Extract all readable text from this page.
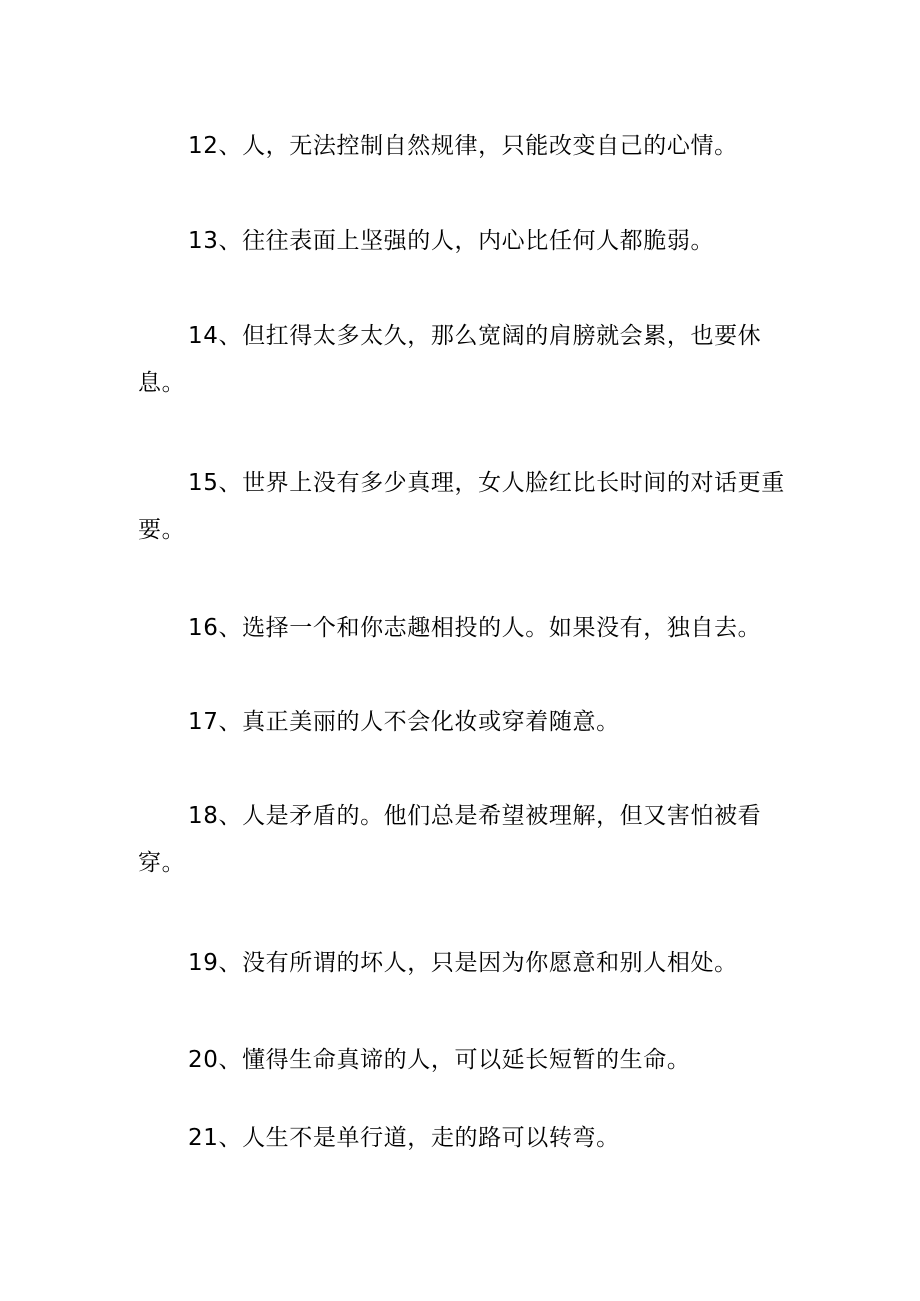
12、人，无法控制自然规律，只能改变自己的心情。

13、往往表面上坚强的人，内心比任何人都脆弱。

14、但扛得太多太久，那么宽阔的肩膀就会累，也要休息。

15、世界上没有多少真理，女人脸红比长时间的对话更重要。

16、选择一个和你志趣相投的人。如果没有，独自去。

17、真正美丽的人不会化妆或穿着随意。

18、人是矛盾的。他们总是希望被理解，但又害怕被看穿。

19、没有所谓的坏人，只是因为你愿意和别人相处。

20、懂得生命真谛的人，可以延长短暂的生命。

21、人生不是单行道，走的路可以转弯。
